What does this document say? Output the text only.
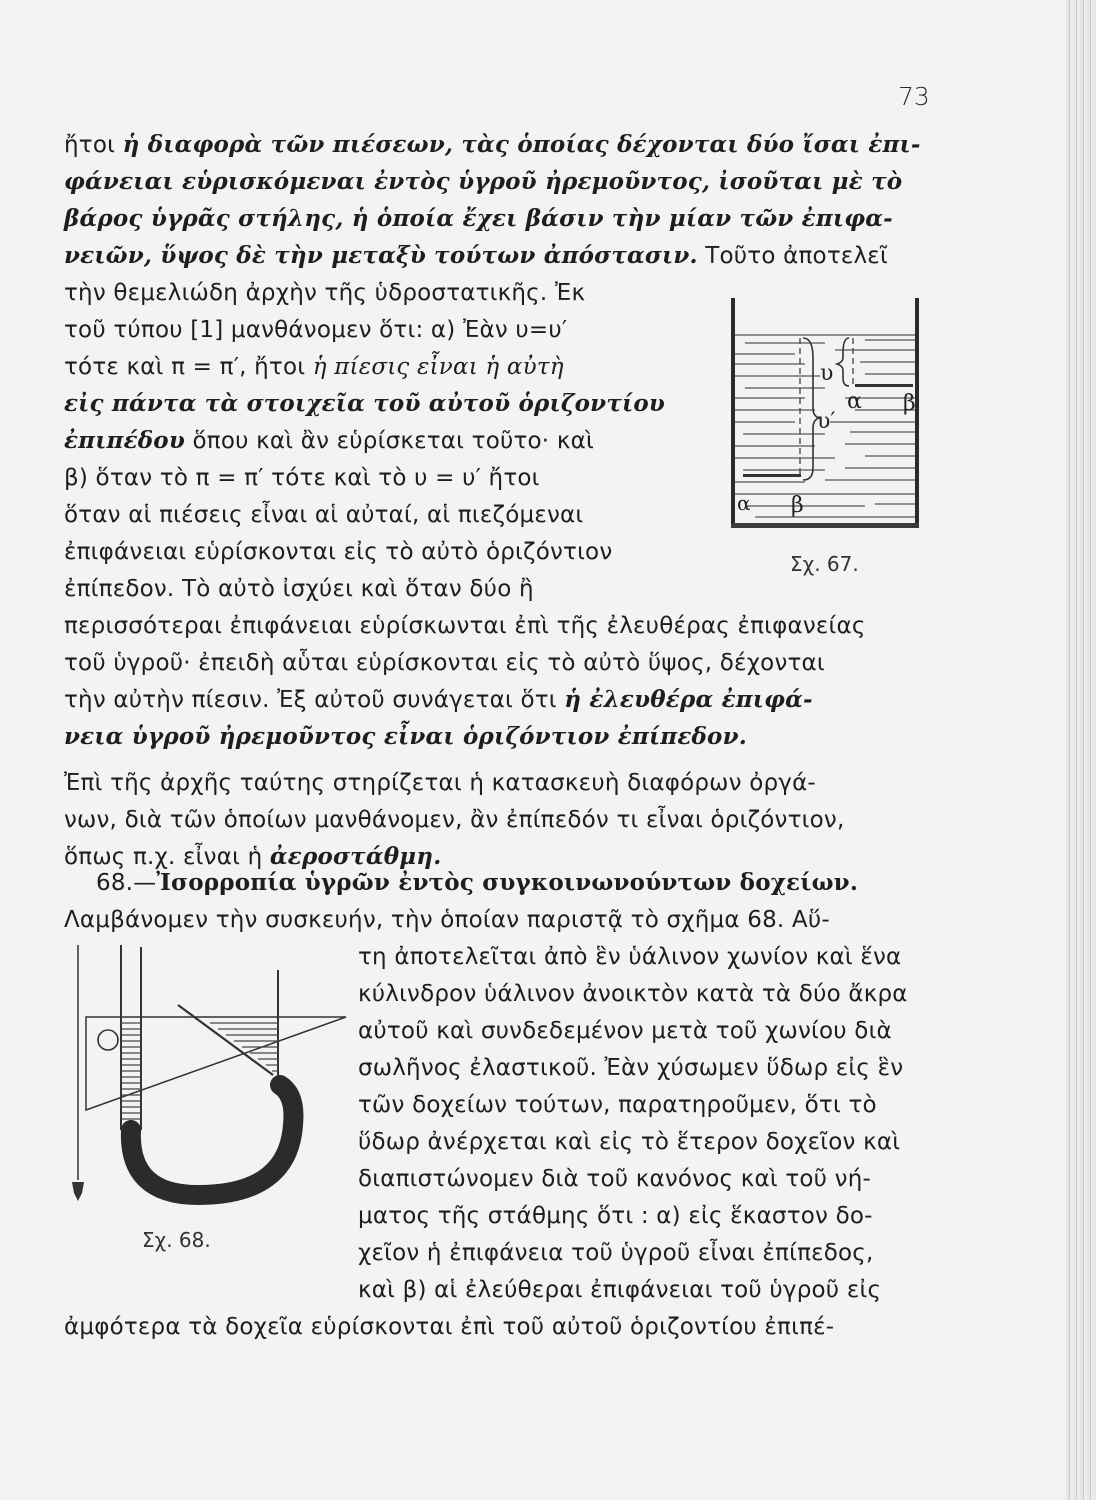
73
ἤτοι ἡ διαφορὰ τῶν πιέσεων, τὰς ὁποίας δέχονται δύο ἴσαι ἐπι-
φάνειαι εὑρισκόμεναι ἐντὸς ὑγροῦ ἠρεμοῦντος, ἰσοῦται μὲ τὸ
βάρος ὑγρᾶς στήλης, ἡ ὁποία ἔχει βάσιν τὴν μίαν τῶν ἐπιφα-
νειῶν, ὕψος δὲ τὴν μεταξὺ τούτων ἀπόστασιν. Τοῦτο ἀποτελεῖ
τὴν θεμελιώδη ἀρχὴν τῆς ὑδροστατικῆς. Ἐκ
τοῦ τύπου [1] μανθάνομεν ὅτι: α) Ἐὰν υ=υ′
τότε καὶ π = π′, ἤτοι ἡ πίεσις εἶναι ἡ αὐτὴ
εἰς πάντα τὰ στοιχεῖα τοῦ αὐτοῦ ὁριζοντίου
ἐπιπέδου ὅπου καὶ ἂν εὑρίσκεται τοῦτο· καὶ
β) ὅταν τὸ π = π′ τότε καὶ τὸ υ = υ′ ἤτοι
ὅταν αἱ πιέσεις εἶναι αἱ αὐταί, αἱ πιεζόμεναι
ἐπιφάνειαι εὑρίσκονται εἰς τὸ αὐτὸ ὁριζόντιον
ἐπίπεδον. Τὸ αὐτὸ ἰσχύει καὶ ὅταν δύο ἢ
περισσότεραι ἐπιφάνειαι εὑρίσκωνται ἐπὶ τῆς ἐλευθέρας ἐπιφανείας
τοῦ ὑγροῦ· ἐπειδὴ αὗται εὑρίσκονται εἰς τὸ αὐτὸ ὕψος, δέχονται
τὴν αὐτὴν πίεσιν. Ἐξ αὐτοῦ συνάγεται ὅτι ἡ ἐλευθέρα ἐπιφά-
νεια ὑγροῦ ἠρεμοῦντος εἶναι ὁριζόντιον ἐπίπεδον.
υ
υ′
α β
α β
Σχ. 67.
Ἐπὶ τῆς ἀρχῆς ταύτης στηρίζεται ἡ κατασκευὴ διαφόρων ὀργά-
νων, διὰ τῶν ὁποίων μανθάνομεν, ἂν ἐπίπεδόν τι εἶναι ὁριζόντιον,
ὅπως π.χ. εἶναι ἡ ἀεροστάθμη.
68.—Ἰσορροπία ὑγρῶν ἐντὸς συγκοινωνούντων δοχείων.
Λαμβάνομεν τὴν συσκευήν, τὴν ὁποίαν παριστᾷ τὸ σχῆμα 68. Αὕ-
τη ἀποτελεῖται ἀπὸ ἓν ὑάλινον χωνίον καὶ ἕνα
κύλινδρον ὑάλινον ἀνοικτὸν κατὰ τὰ δύο ἄκρα
αὐτοῦ καὶ συνδεδεμένον μετὰ τοῦ χωνίου διὰ
σωλῆνος ἐλαστικοῦ. Ἐὰν χύσωμεν ὕδωρ εἰς ἓν
τῶν δοχείων τούτων, παρατηροῦμεν, ὅτι τὸ
ὕδωρ ἀνέρχεται καὶ εἰς τὸ ἕτερον δοχεῖον καὶ
διαπιστώνομεν διὰ τοῦ κανόνος καὶ τοῦ νή-
ματος τῆς στάθμης ὅτι : α) εἰς ἕκαστον δο-
χεῖον ἡ ἐπιφάνεια τοῦ ὑγροῦ εἶναι ἐπίπεδος,
καὶ β) αἱ ἐλεύθεραι ἐπιφάνειαι τοῦ ὑγροῦ εἰς
ἀμφότερα τὰ δοχεῖα εὑρίσκονται ἐπὶ τοῦ αὐτοῦ ὁριζοντίου ἐπιπέ-
Σχ. 68.
